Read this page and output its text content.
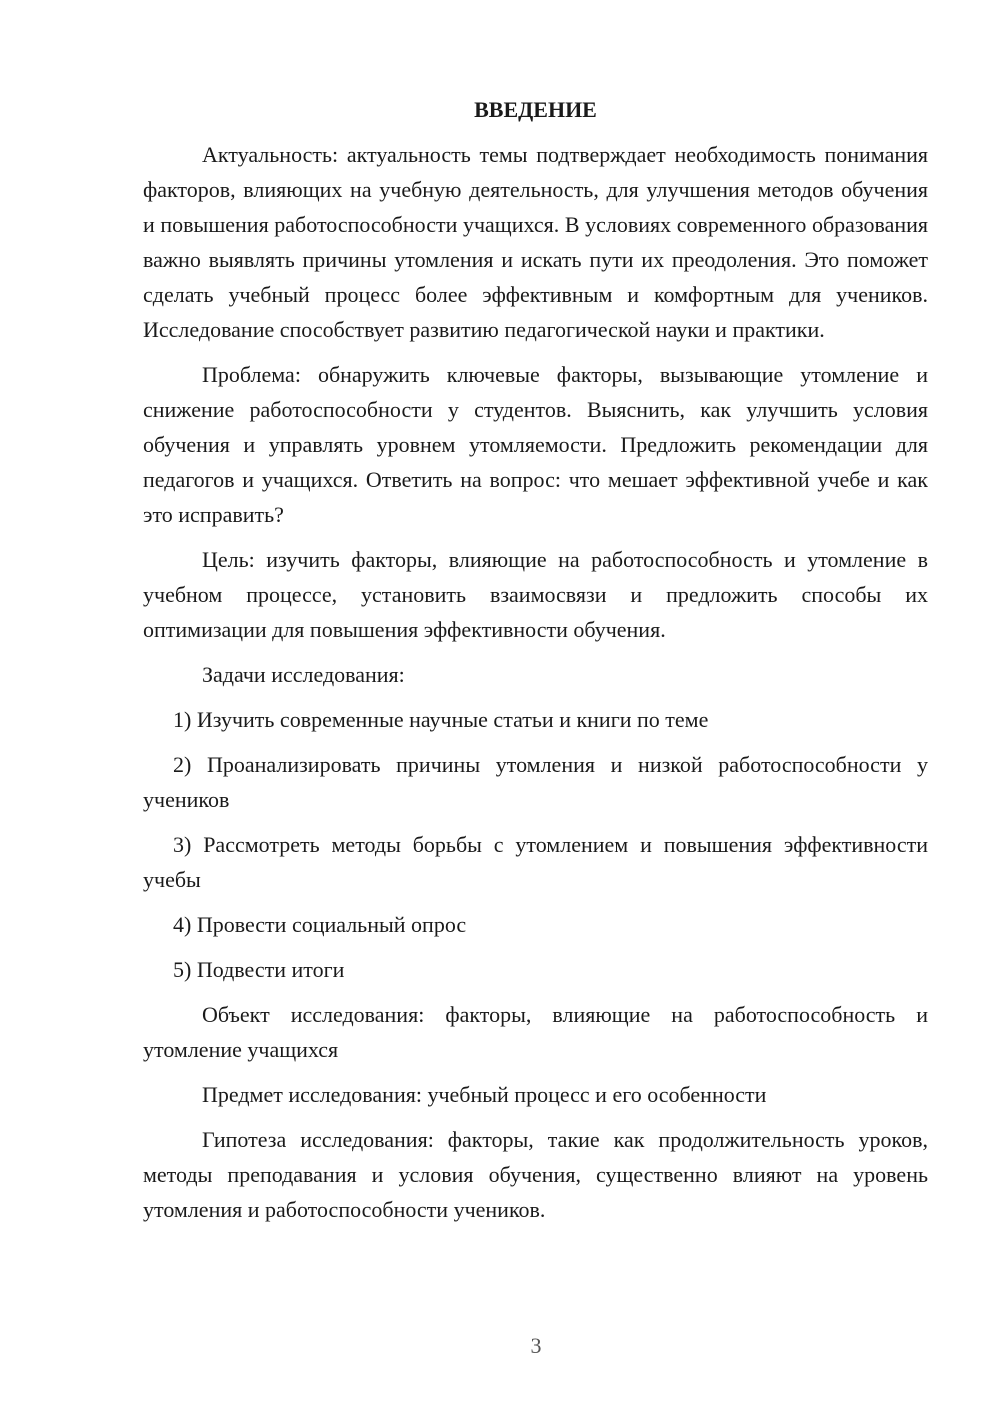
ВВЕДЕНИЕ

Актуальность: актуальность темы подтверждает необходимость понимания факторов, влияющих на учебную деятельность, для улучшения методов обучения и повышения работоспособности учащихся. В условиях современного образования важно выявлять причины утомления и искать пути их преодоления. Это поможет сделать учебный процесс более эффективным и комфортным для учеников. Исследование способствует развитию педагогической науки и практики.

Проблема: обнаружить ключевые факторы, вызывающие утомление и снижение работоспособности у студентов. Выяснить, как улучшить условия обучения и управлять уровнем утомляемости. Предложить рекомендации для педагогов и учащихся. Ответить на вопрос: что мешает эффективной учебе и как это исправить?

Цель: изучить факторы, влияющие на работоспособность и утомление в учебном процессе, установить взаимосвязи и предложить способы их оптимизации для повышения эффективности обучения.

Задачи исследования:

1) Изучить современные научные статьи и книги по теме

2) Проанализировать причины утомления и низкой работоспособности у учеников

3) Рассмотреть методы борьбы с утомлением и повышения эффективности учебы

4) Провести социальный опрос

5) Подвести итоги

Объект исследования: факторы, влияющие на работоспособность и утомление учащихся

Предмет исследования: учебный процесс и его особенности

Гипотеза исследования: факторы, такие как продолжительность уроков, методы преподавания и условия обучения, существенно влияют на уровень утомления и работоспособности учеников.

3
